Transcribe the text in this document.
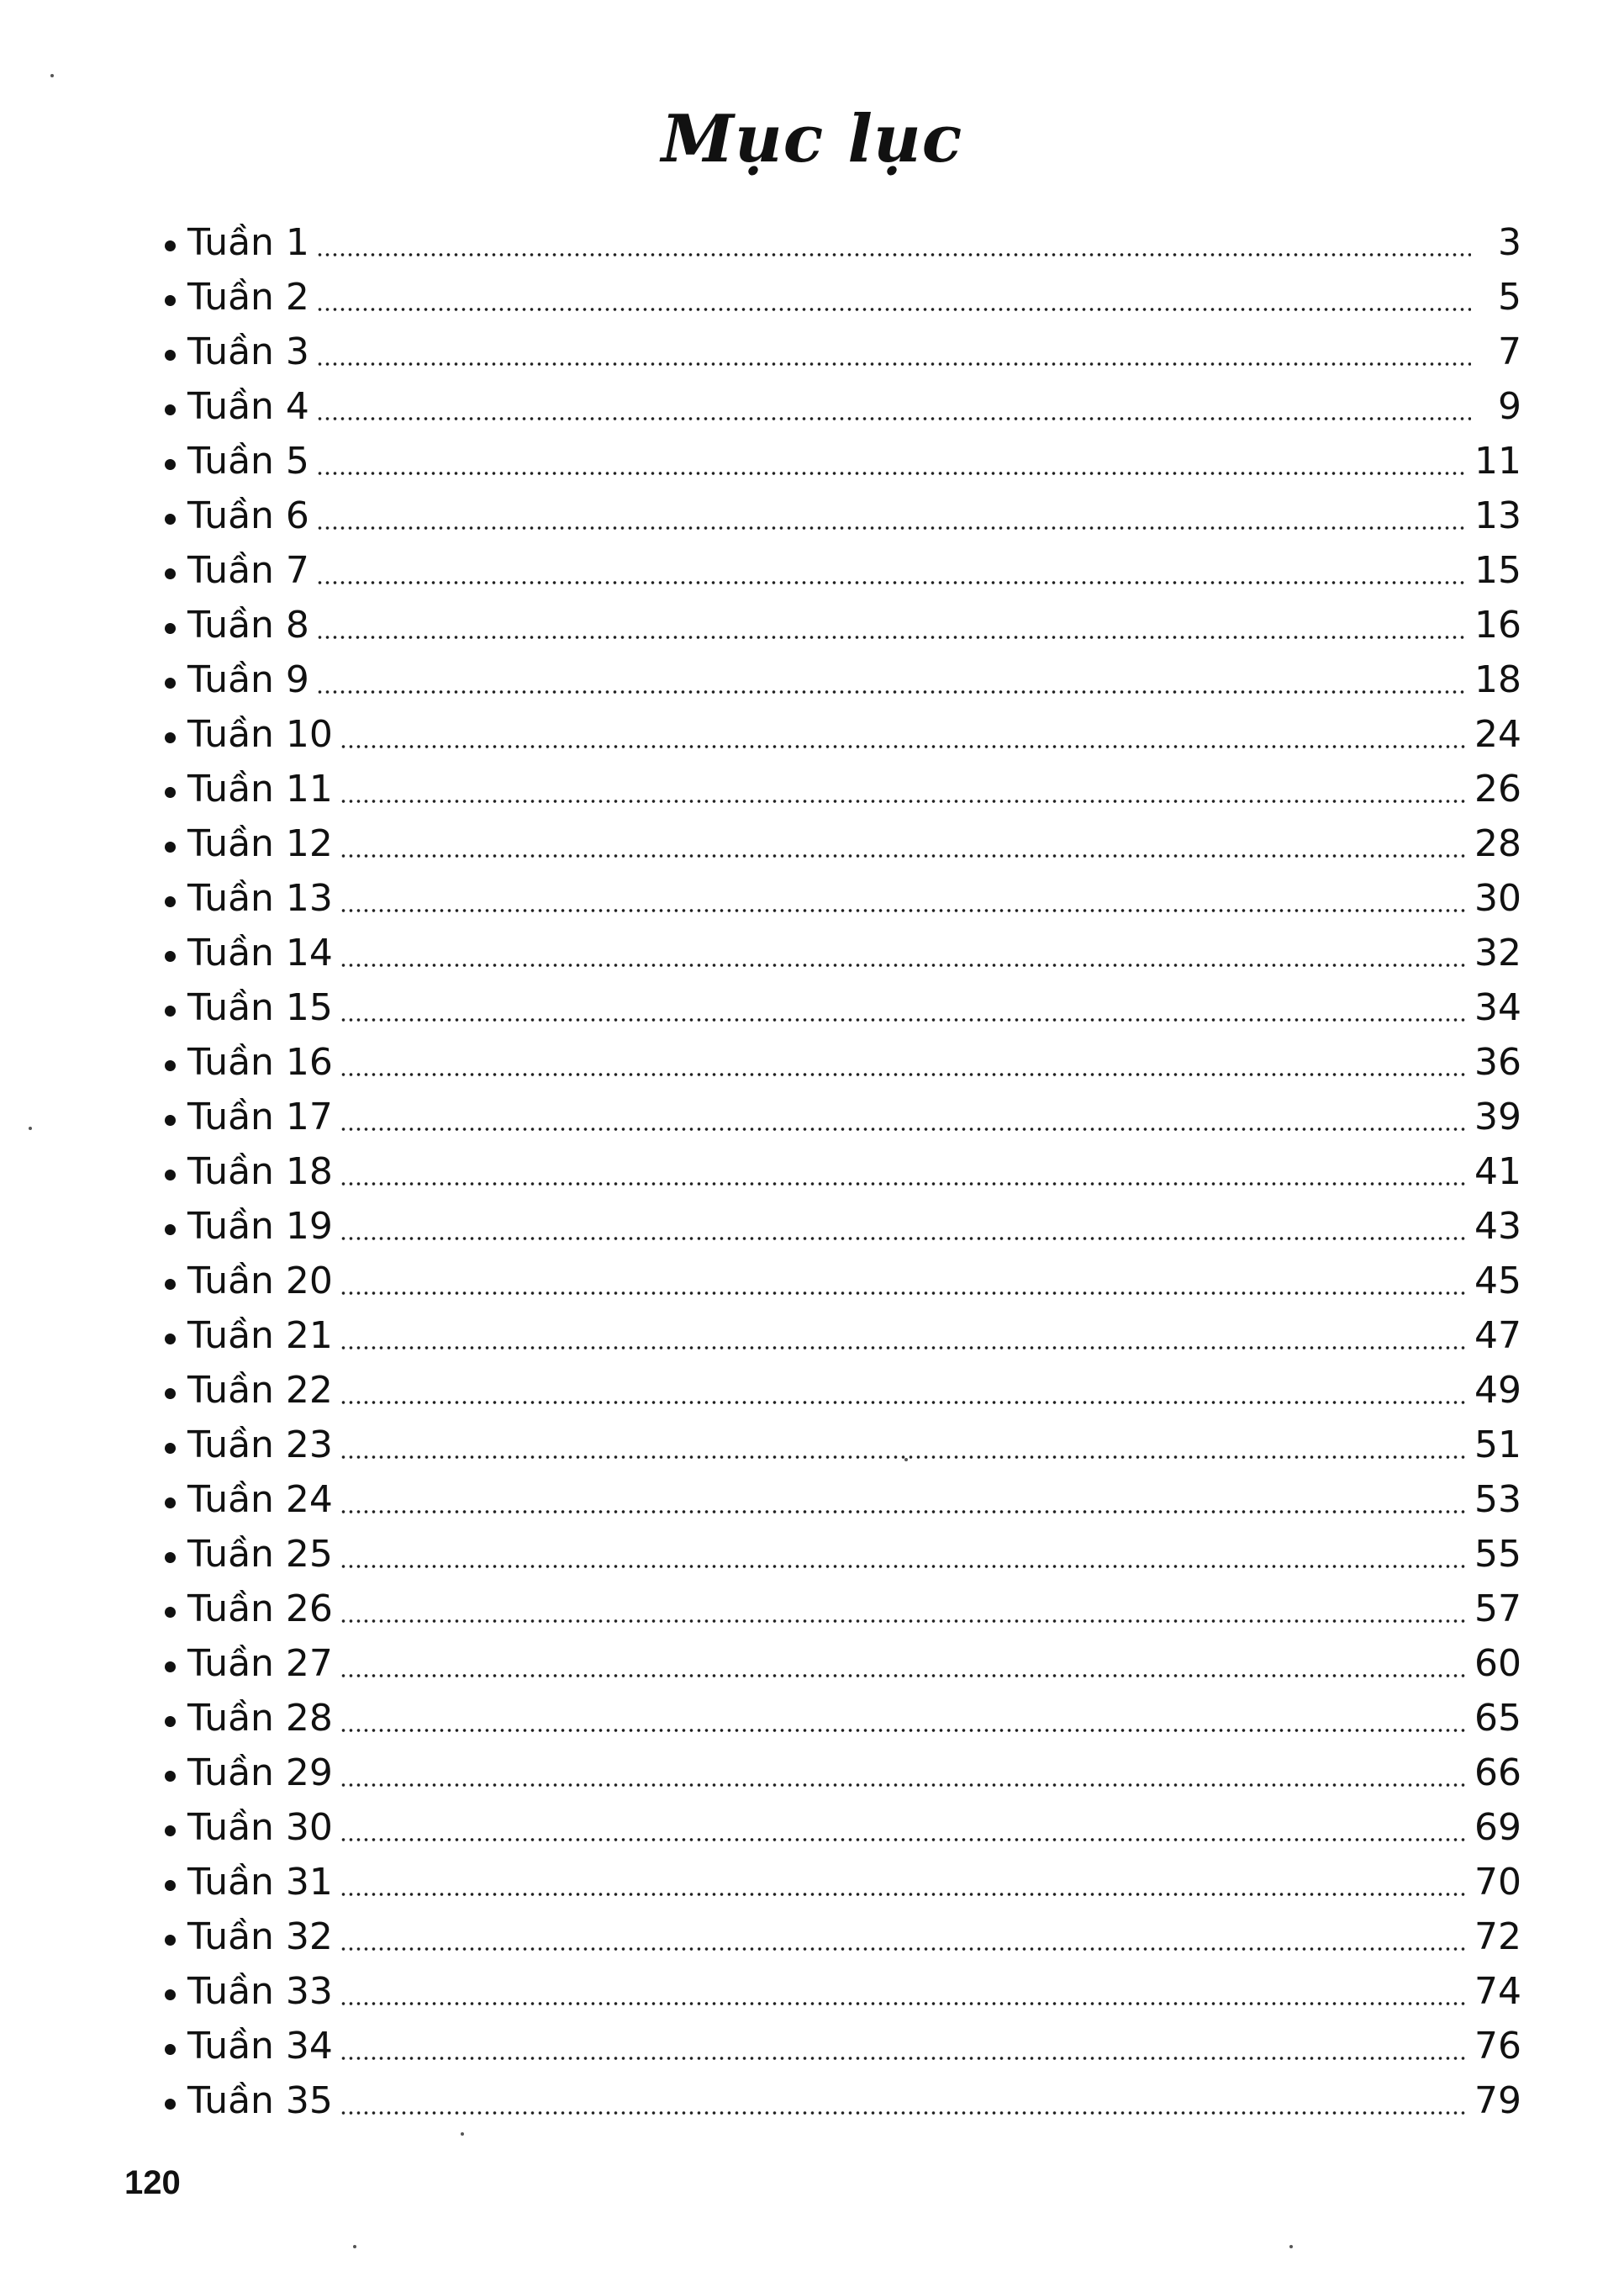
Mục lục
Tuần 1	3
Tuần 2	5
Tuần 3	7
Tuần 4	9
Tuần 5	11
Tuần 6	13
Tuần 7	15
Tuần 8	16
Tuần 9	18
Tuần 10	24
Tuần 11	26
Tuần 12	28
Tuần 13	30
Tuần 14	32
Tuần 15	34
Tuần 16	36
Tuần 17	39
Tuần 18	41
Tuần 19	43
Tuần 20	45
Tuần 21	47
Tuần 22	49
Tuần 23	51
Tuần 24	53
Tuần 25	55
Tuần 26	57
Tuần 27	60
Tuần 28	65
Tuần 29	66
Tuần 30	69
Tuần 31	70
Tuần 32	72
Tuần 33	74
Tuần 34	76
Tuần 35	79
120
